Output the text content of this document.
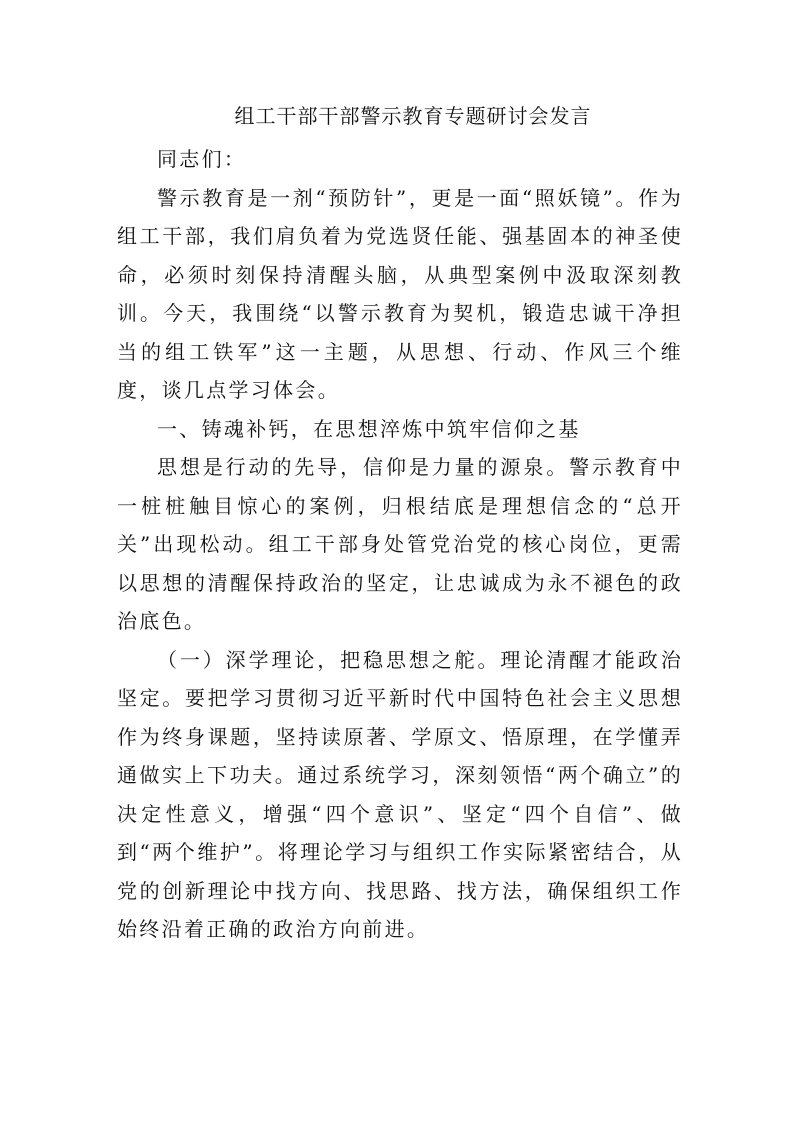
组工干部干部警示教育专题研讨会发言

同志们：

警示教育是一剂“预防针”，更是一面“照妖镜”。作为组工干部，我们肩负着为党选贤任能、强基固本的神圣使命，必须时刻保持清醒头脑，从典型案例中汲取深刻教训。今天，我围绕“以警示教育为契机，锻造忠诚干净担当的组工铁军”这一主题，从思想、行动、作风三个维度，谈几点学习体会。

一、铸魂补钙，在思想淬炼中筑牢信仰之基

思想是行动的先导，信仰是力量的源泉。警示教育中一桩桩触目惊心的案例，归根结底是理想信念的“总开关”出现松动。组工干部身处管党治党的核心岗位，更需以思想的清醒保持政治的坚定，让忠诚成为永不褪色的政治底色。

（一）深学理论，把稳思想之舵。理论清醒才能政治坚定。要把学习贯彻习近平新时代中国特色社会主义思想作为终身课题，坚持读原著、学原文、悟原理，在学懂弄通做实上下功夫。通过系统学习，深刻领悟“两个确立”的决定性意义，增强“四个意识”、坚定“四个自信”、做到“两个维护”。将理论学习与组织工作实际紧密结合，从党的创新理论中找方向、找思路、找方法，确保组织工作始终沿着正确的政治方向前进。
